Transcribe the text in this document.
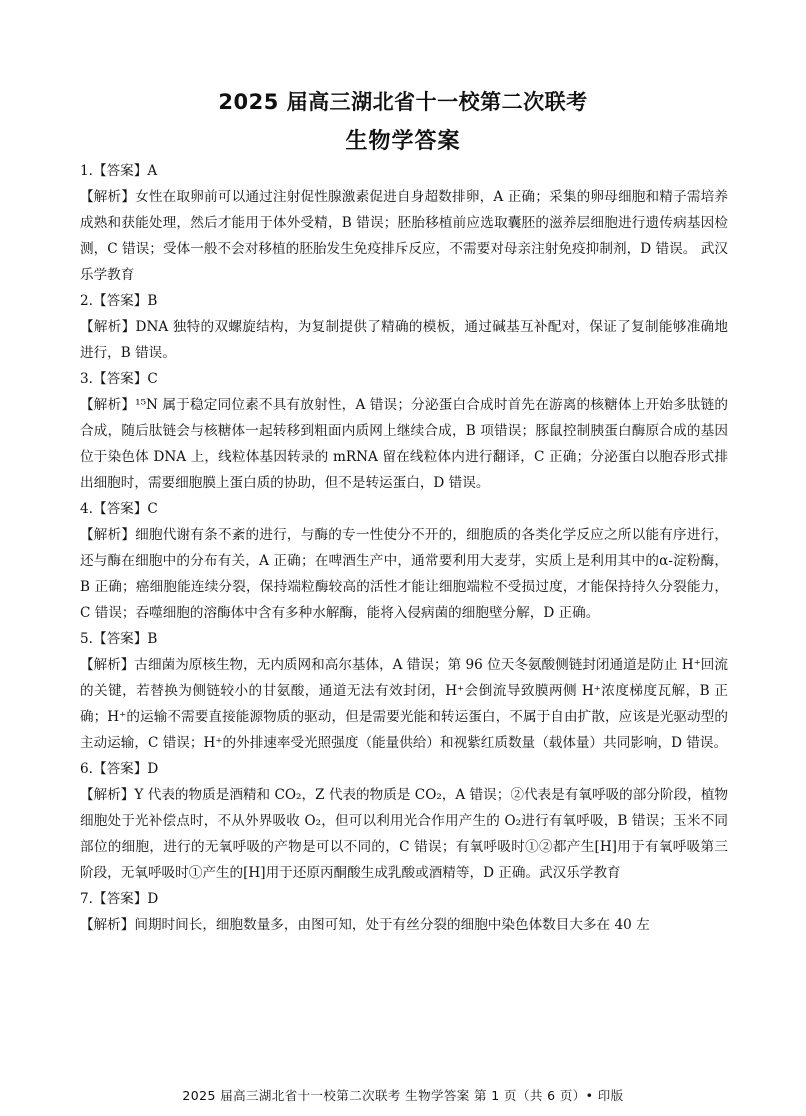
2025 届高三湖北省十一校第二次联考
生物学答案

1.【答案】A

【解析】女性在取卵前可以通过注射促性腺激素促进自身超数排卵，A 正确；采集的卵母细胞和精子需培养成熟和获能处理，然后才能用于体外受精，B 错误；胚胎移植前应选取囊胚的滋养层细胞进行遗传病基因检测，C 错误；受体一般不会对移植的胚胎发生免疫排斥反应，不需要对母亲注射免疫抑制剂，D 错误。 武汉乐学教育

2.【答案】B

【解析】DNA 独特的双螺旋结构，为复制提供了精确的模板，通过碱基互补配对，保证了复制能够准确地进行，B 错误。

3.【答案】C

【解析】¹⁵N 属于稳定同位素不具有放射性，A 错误；分泌蛋白合成时首先在游离的核糖体上开始多肽链的合成，随后肽链会与核糖体一起转移到粗面内质网上继续合成，B 项错误；豚鼠控制胰蛋白酶原合成的基因位于染色体 DNA 上，线粒体基因转录的 mRNA 留在线粒体内进行翻译，C 正确；分泌蛋白以胞吞形式排出细胞时，需要细胞膜上蛋白质的协助，但不是转运蛋白，D 错误。

4.【答案】C

【解析】细胞代谢有条不紊的进行，与酶的专一性使分不开的，细胞质的各类化学反应之所以能有序进行，还与酶在细胞中的分布有关，A 正确；在啤酒生产中，通常要利用大麦芽，实质上是利用其中的α-淀粉酶，B 正确；癌细胞能连续分裂，保持端粒酶较高的活性才能让细胞端粒不受损过度，才能保持持久分裂能力，C 错误；吞噬细胞的溶酶体中含有多种水解酶，能将入侵病菌的细胞壁分解，D 正确。

5.【答案】B

【解析】古细菌为原核生物，无内质网和高尔基体，A 错误；第 96 位天冬氨酸侧链封闭通道是防止 H⁺回流的关键，若替换为侧链较小的甘氨酸，通道无法有效封闭，H⁺会倒流导致膜两侧 H⁺浓度梯度瓦解，B 正确；H⁺的运输不需要直接能源物质的驱动，但是需要光能和转运蛋白，不属于自由扩散，应该是光驱动型的主动运输，C 错误；H⁺的外排速率受光照强度（能量供给）和视紫红质数量（载体量）共同影响，D 错误。

6.【答案】D

【解析】Y 代表的物质是酒精和 CO₂，Z 代表的物质是 CO₂，A 错误；②代表是有氧呼吸的部分阶段，植物细胞处于光补偿点时，不从外界吸收 O₂，但可以利用光合作用产生的 O₂进行有氧呼吸，B 错误；玉米不同部位的细胞，进行的无氧呼吸的产物是可以不同的，C 错误；有氧呼吸时①②都产生[H]用于有氧呼吸第三阶段，无氧呼吸时①产生的[H]用于还原丙酮酸生成乳酸或酒精等，D 正确。武汉乐学教育

7.【答案】D

【解析】间期时间长，细胞数量多，由图可知，处于有丝分裂的细胞中染色体数目大多在 40 左

2025 届高三湖北省十一校第二次联考 生物学答案 第 1 页（共 6 页）• 印版
